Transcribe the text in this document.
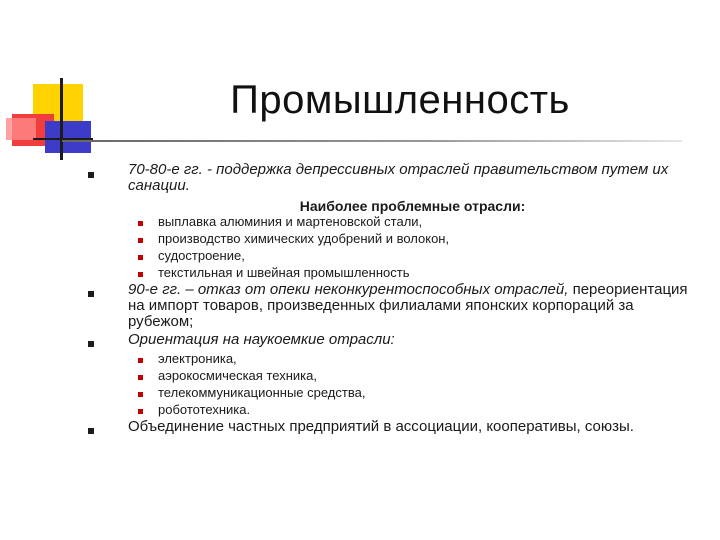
Промышленность
70-80-е гг. - поддержка депрессивных отраслей правительством путем их
санации.
Наиболее проблемные отрасли:
выплавка алюминия и мартеновской стали,
производство химических удобрений и волокон,
судостроение,
текстильная и швейная промышленность
90-е гг. – отказ от опеки неконкурентоспособных отраслей, переориентация
на импорт товаров, произведенных филиалами японских корпораций за
рубежом;
Ориентация на наукоемкие отрасли:
электроника,
аэрокосмическая техника,
телекоммуникационные средства,
робототехника.
Объединение частных предприятий в ассоциации, кооперативы, союзы.
